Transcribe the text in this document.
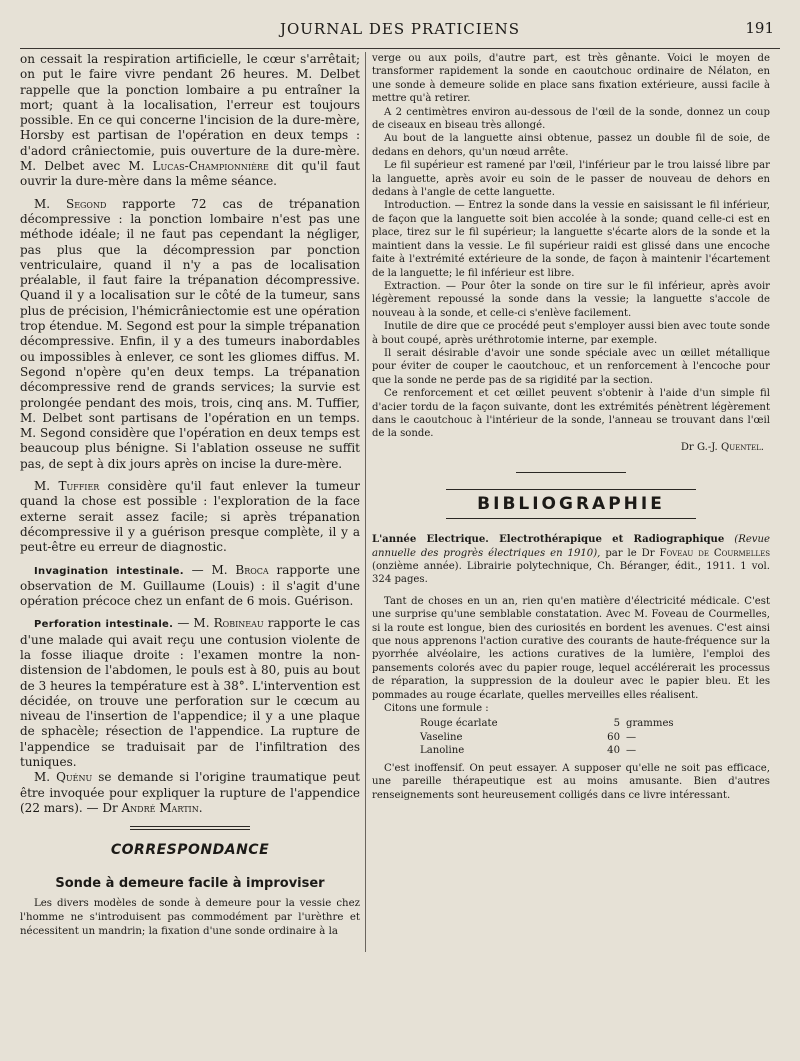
JOURNAL DES PRATICIENS	191

on cessait la respiration artificielle, le cœur s'arrêtait; on put le faire vivre pendant 26 heures. M. Delbet rappelle que la ponction lombaire a pu entraîner la mort; quant à la localisation, l'erreur est toujours possible. En ce qui concerne l'incision de la dure-mère, Horsby est partisan de l'opération en deux temps : d'adord crâniectomie, puis ouverture de la dure-mère. M. Delbet avec M. Lucas-Championnière dit qu'il faut ouvrir la dure-mère dans la même séance.

M. Segond rapporte 72 cas de trépanation décompressive : la ponction lombaire n'est pas une méthode idéale; il ne faut pas cependant la négliger, pas plus que la décompression par ponction ventriculaire, quand il n'y a pas de localisation préalable, il faut faire la trépanation décompressive. Quand il y a localisation sur le côté de la tumeur, sans plus de précision, l'hémicrâniectomie est une opération trop étendue. M. Segond est pour la simple trépanation décompressive. Enfin, il y a des tumeurs inabordables ou impossibles à enlever, ce sont les gliomes diffus. M. Segond n'opère qu'en deux temps. La trépanation décompressive rend de grands services; la survie est prolongée pendant des mois, trois, cinq ans. M. Tuffier, M. Delbet sont partisans de l'opération en un temps. M. Segond considère que l'opération en deux temps est beaucoup plus bénigne. Si l'ablation osseuse ne suffit pas, de sept à dix jours après on incise la dure-mère.

M. Tuffier considère qu'il faut enlever la tumeur quand la chose est possible : l'exploration de la face externe serait assez facile; si après trépanation décompressive il y a guérison presque complète, il y a peut-être eu erreur de diagnostic.

Invagination intestinale. — M. Broca rapporte une observation de M. Guillaume (Louis) : il s'agit d'une opération précoce chez un enfant de 6 mois. Guérison.

Perforation intestinale. — M. Robineau rapporte le cas d'une malade qui avait reçu une contusion violente de la fosse iliaque droite : l'examen montre la non-distension de l'abdomen, le pouls est à 80, puis au bout de 3 heures la température est à 38°. L'intervention est décidée, on trouve une perforation sur le cœcum au niveau de l'insertion de l'appendice; il y a une plaque de sphacèle; résection de l'appendice. La rupture de l'appendice se traduisait par de l'infiltration des tuniques.

M. Quénu se demande si l'origine traumatique peut être invoquée pour expliquer la rupture de l'appendice (22 mars). — Dr André Martin.

CORRESPONDANCE
Sonde à demeure facile à improviser

Les divers modèles de sonde à demeure pour la vessie chez l'homme ne s'introduisent pas commodément par l'urèthre et nécessitent un mandrin; la fixation d'une sonde ordinaire à la

verge ou aux poils, d'autre part, est très gênante. Voici le moyen de transformer rapidement la sonde en caoutchouc ordinaire de Nélaton, en une sonde à demeure solide en place sans fixation extérieure, aussi facile à mettre qu'à retirer.

A 2 centimètres environ au-dessous de l'œil de la sonde, donnez un coup de ciseaux en biseau très allongé.

Au bout de la languette ainsi obtenue, passez un double fil de soie, de dedans en dehors, qu'un nœud arrête.

Le fil supérieur est ramené par l'œil, l'inférieur par le trou laissé libre par la languette, après avoir eu soin de le passer de nouveau de dehors en dedans à l'angle de cette languette.

Introduction. — Entrez la sonde dans la vessie en saisissant le fil inférieur, de façon que la languette soit bien accolée à la sonde; quand celle-ci est en place, tirez sur le fil supérieur; la languette s'écarte alors de la sonde et la maintient dans la vessie. Le fil supérieur raidi est glissé dans une encoche faite à l'extrémité extérieure de la sonde, de façon à maintenir l'écartement de la languette; le fil inférieur est libre.

Extraction. — Pour ôter la sonde on tire sur le fil inférieur, après avoir légèrement repoussé la sonde dans la vessie; la languette s'accole de nouveau à la sonde, et celle-ci s'enlève facilement.

Inutile de dire que ce procédé peut s'employer aussi bien avec toute sonde à bout coupé, après uréthrotomie interne, par exemple.

Il serait désirable d'avoir une sonde spéciale avec un œillet métallique pour éviter de couper le caoutchouc, et un renforcement à l'encoche pour que la sonde ne perde pas de sa rigidité par la section.

Ce renforcement et cet œillet peuvent s'obtenir à l'aide d'un simple fil d'acier tordu de la façon suivante, dont les extrémités pénètrent légèrement dans le caoutchouc à l'intérieur de la sonde, l'anneau se trouvant dans l'œil de la sonde.

Dr G.-J. Quentel.

BIBLIOGRAPHIE

L'année Electrique. Electrothérapique et Radiographique (Revue annuelle des progrès électriques en 1910), par le Dr Foveau de Courmelles (onzième année). Librairie polytechnique, Ch. Béranger, édit., 1911. 1 vol. 324 pages.

Tant de choses en un an, rien qu'en matière d'électricité médicale. C'est une surprise qu'une semblable constatation. Avec M. Foveau de Courmelles, si la route est longue, bien des curiosités en bordent les avenues. C'est ainsi que nous apprenons l'action curative des courants de haute-fréquence sur la pyorrhée alvéolaire, les actions curatives de la lumière, l'emploi des pansements colorés avec du papier rouge, lequel accélérerait les processus de réparation, la suppression de la douleur avec le papier bleu. Et les pommades au rouge écarlate, quelles merveilles elles réalisent.

Citons une formule :

Rouge écarlate	5 grammes
Vaseline	60 —
Lanoline	40 —

C'est inoffensif. On peut essayer. A supposer qu'elle ne soit pas efficace, une pareille thérapeutique est au moins amusante. Bien d'autres renseignements sont heureusement colligés dans ce livre intéressant.
